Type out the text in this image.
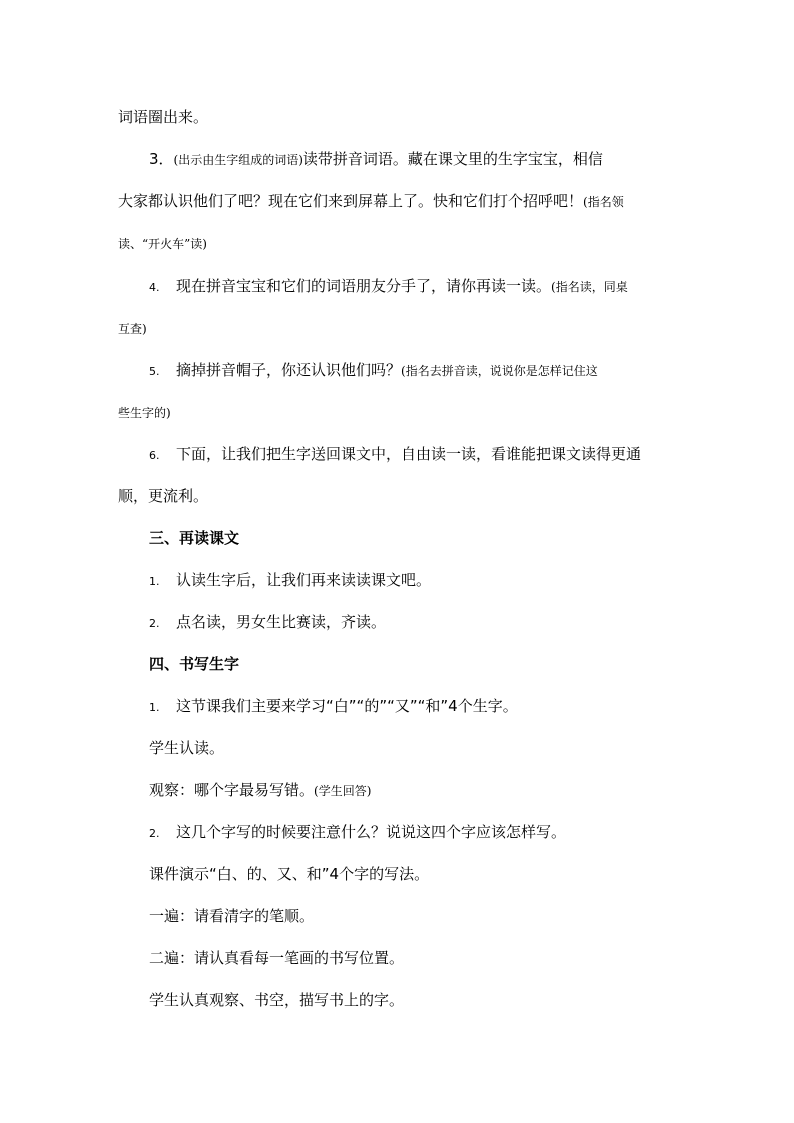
词语圈出来。
3．(出示由生字组成的词语)读带拼音词语。藏在课文里的生字宝宝，相信
大家都认识他们了吧？现在它们来到屏幕上了。快和它们打个招呼吧！(指名领
读、“开火车”读)
4. 现在拼音宝宝和它们的词语朋友分手了，请你再读一读。(指名读，同桌
互查)
5. 摘掉拼音帽子，你还认识他们吗？(指名去拼音读，说说你是怎样记住这
些生字的)
6. 下面，让我们把生字送回课文中，自由读一读，看谁能把课文读得更通
顺，更流利。
三、再读课文
1. 认读生字后，让我们再来读读课文吧。
2. 点名读，男女生比赛读，齐读。
四、书写生字
1. 这节课我们主要来学习“白”“的”“又”“和”4个生字。
学生认读。
观察：哪个字最易写错。(学生回答)
2. 这几个字写的时候要注意什么？说说这四个字应该怎样写。
课件演示“白、的、又、和”4个字的写法。
一遍：请看清字的笔顺。
二遍：请认真看每一笔画的书写位置。
学生认真观察、书空，描写书上的字。
